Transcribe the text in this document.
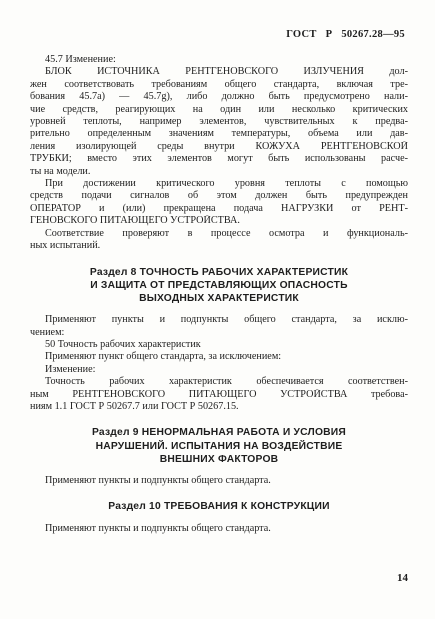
ГОСТ Р 50267.28—95
45.7 Изменение:
БЛОК ИСТОЧНИКА РЕНТГЕНОВСКОГО ИЗЛУЧЕНИЯ дол-
жен соответствовать требованиям общего стандарта, включая тре-
бования 45.7а) — 45.7g), либо должно быть предусмотрено нали-
чие средств, реагирующих на один или несколько критических
уровней теплоты, например элементов, чувствительных к предва-
рительно определенным значениям температуры, объема или дав-
ления изолирующей среды внутри КОЖУХА РЕНТГЕНОВСКОЙ
ТРУБКИ; вместо этих элементов могут быть использованы расче-
ты на модели.
При достижении критического уровня теплоты с помощью
средств подачи сигналов об этом должен быть предупрежден
ОПЕРАТОР и (или) прекращена подача НАГРУЗКИ от РЕНТ-
ГЕНОВСКОГО ПИТАЮЩЕГО УСТРОЙСТВА.
Соответствие проверяют в процессе осмотра и функциональ-
ных испытаний.
Раздел 8 ТОЧНОСТЬ РАБОЧИХ ХАРАКТЕРИСТИК
И ЗАЩИТА ОТ ПРЕДСТАВЛЯЮЩИХ ОПАСНОСТЬ
ВЫХОДНЫХ ХАРАКТЕРИСТИК
Применяют пункты и подпункты общего стандарта, за исклю-
чением:
50 Точность рабочих характеристик
Применяют пункт общего стандарта, за исключением:
Изменение:
Точность рабочих характеристик обеспечивается соответствен-
ным РЕНТГЕНОВСКОГО ПИТАЮЩЕГО УСТРОЙСТВА требова-
ниям 1.1 ГОСТ Р 50267.7 или ГОСТ Р 50267.15.
Раздел 9 НЕНОРМАЛЬНАЯ РАБОТА И УСЛОВИЯ
НАРУШЕНИЙ. ИСПЫТАНИЯ НА ВОЗДЕЙСТВИЕ
ВНЕШНИХ ФАКТОРОВ
Применяют пункты и подпункты общего стандарта.
Раздел 10 ТРЕБОВАНИЯ К КОНСТРУКЦИИ
Применяют пункты и подпункты общего стандарта.
14
